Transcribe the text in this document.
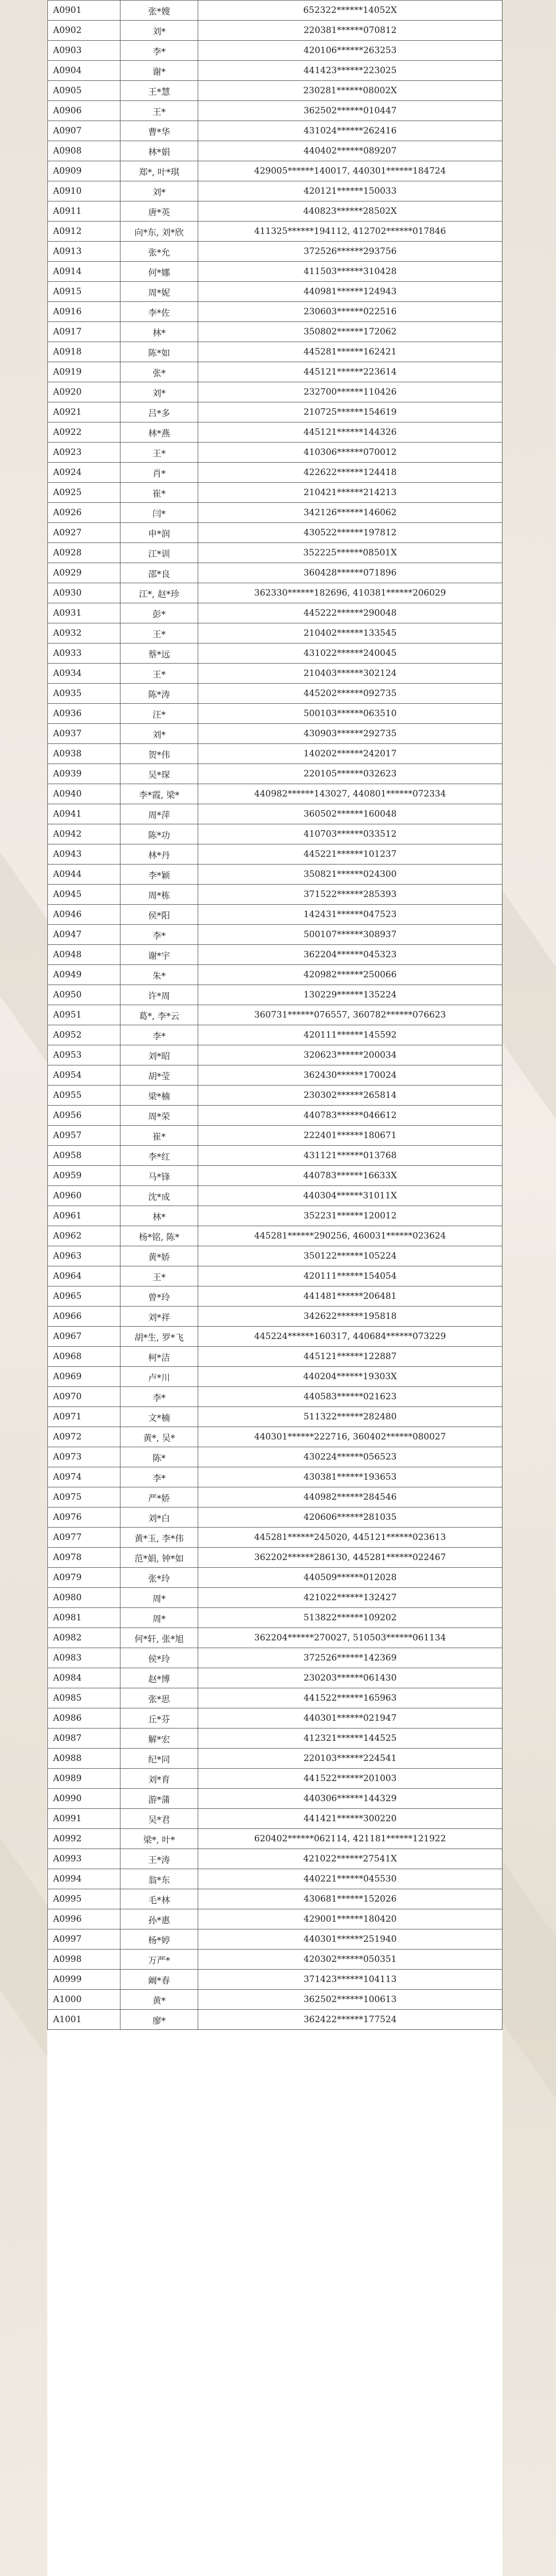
A0901	张*嫂	652322******14052X
A0902	刘*	220381******070812
A0903	李*	420106******263253
A0904	谢*	441423******223025
A0905	王*慧	230281******08002X
A0906	王*	362502******010447
A0907	曹*华	431024******262416
A0908	林*娟	440402******089207
A0909	郑*, 叶*琪	429005******140017, 440301******184724
A0910	刘*	420121******150033
A0911	唐*英	440823******28502X
A0912	向*东, 刘*欣	411325******194112, 412702******017846
A0913	张*允	372526******293756
A0914	何*娜	411503******310428
A0915	周*妮	440981******124943
A0916	李*佐	230603******022516
A0917	林*	350802******172062
A0918	陈*如	445281******162421
A0919	张*	445121******223614
A0920	刘*	232700******110426
A0921	吕*多	210725******154619
A0922	林*燕	445121******144326
A0923	王*	410306******070012
A0924	肖*	422622******124418
A0925	崔*	210421******214213
A0926	闫*	342126******146062
A0927	申*润	430522******197812
A0928	江*训	352225******08501X
A0929	邵*良	360428******071896
A0930	江*, 赵*珍	362330******182696, 410381******206029
A0931	彭*	445222******290048
A0932	王*	210402******133545
A0933	蔡*远	431022******240045
A0934	王*	210403******302124
A0935	陈*涛	445202******092735
A0936	汪*	500103******063510
A0937	刘*	430903******292735
A0938	贺*伟	140202******242017
A0939	吴*琛	220105******032623
A0940	李*霞, 梁*	440982******143027, 440801******072334
A0941	周*萍	360502******160048
A0942	陈*功	410703******033512
A0943	林*丹	445221******101237
A0944	李*颖	350821******024300
A0945	周*栋	371522******285393
A0946	侯*阳	142431******047523
A0947	李*	500107******308937
A0948	谢*宇	362204******045323
A0949	朱*	420982******250066
A0950	许*周	130229******135224
A0951	葛*, 李*云	360731******076557, 360782******076623
A0952	李*	420111******145592
A0953	刘*昭	320623******200034
A0954	胡*莹	362430******170024
A0955	梁*楠	230302******265814
A0956	周*荣	440783******046612
A0957	崔*	222401******180671
A0958	李*红	431121******013768
A0959	马*锋	440783******16633X
A0960	沈*成	440304******31011X
A0961	林*	352231******120012
A0962	杨*铭, 陈*	445281******290256, 460031******023624
A0963	黄*娇	350122******105224
A0964	王*	420111******154054
A0965	曾*玲	441481******206481
A0966	刘*祥	342622******195818
A0967	胡*生, 罗*飞	445224******160317, 440684******073229
A0968	柯*洁	445121******122887
A0969	卢*川	440204******19303X
A0970	李*	440583******021623
A0971	文*楠	511322******282480
A0972	黄*, 吴*	440301******222716, 360402******080027
A0973	陈*	430224******056523
A0974	李*	430381******193653
A0975	严*娇	440982******284546
A0976	刘*白	420606******281035
A0977	黄*玉, 李*伟	445281******245020, 445121******023613
A0978	范*娟, 钟*如	362202******286130, 445281******022467
A0979	张*玲	440509******012028
A0980	周*	421022******132427
A0981	周*	513822******109202
A0982	何*轩, 张*旭	362204******270027, 510503******061134
A0983	侯*玲	372526******142369
A0984	赵*博	230203******061430
A0985	张*思	441522******165963
A0986	丘*芬	440301******021947
A0987	解*宏	412321******144525
A0988	纪*同	220103******224541
A0989	刘*育	441522******201003
A0990	游*蒲	440306******144329
A0991	吴*君	441421******300220
A0992	梁*, 叶*	620402******062114, 421181******121922
A0993	王*涛	421022******27541X
A0994	翁*东	440221******045530
A0995	毛*林	430681******152026
A0996	孙*惠	429001******180420
A0997	杨*婷	440301******251940
A0998	万严*	420302******050351
A0999	阚*春	371423******104113
A1000	黄*	362502******100613
A1001	廖*	362422******177524
